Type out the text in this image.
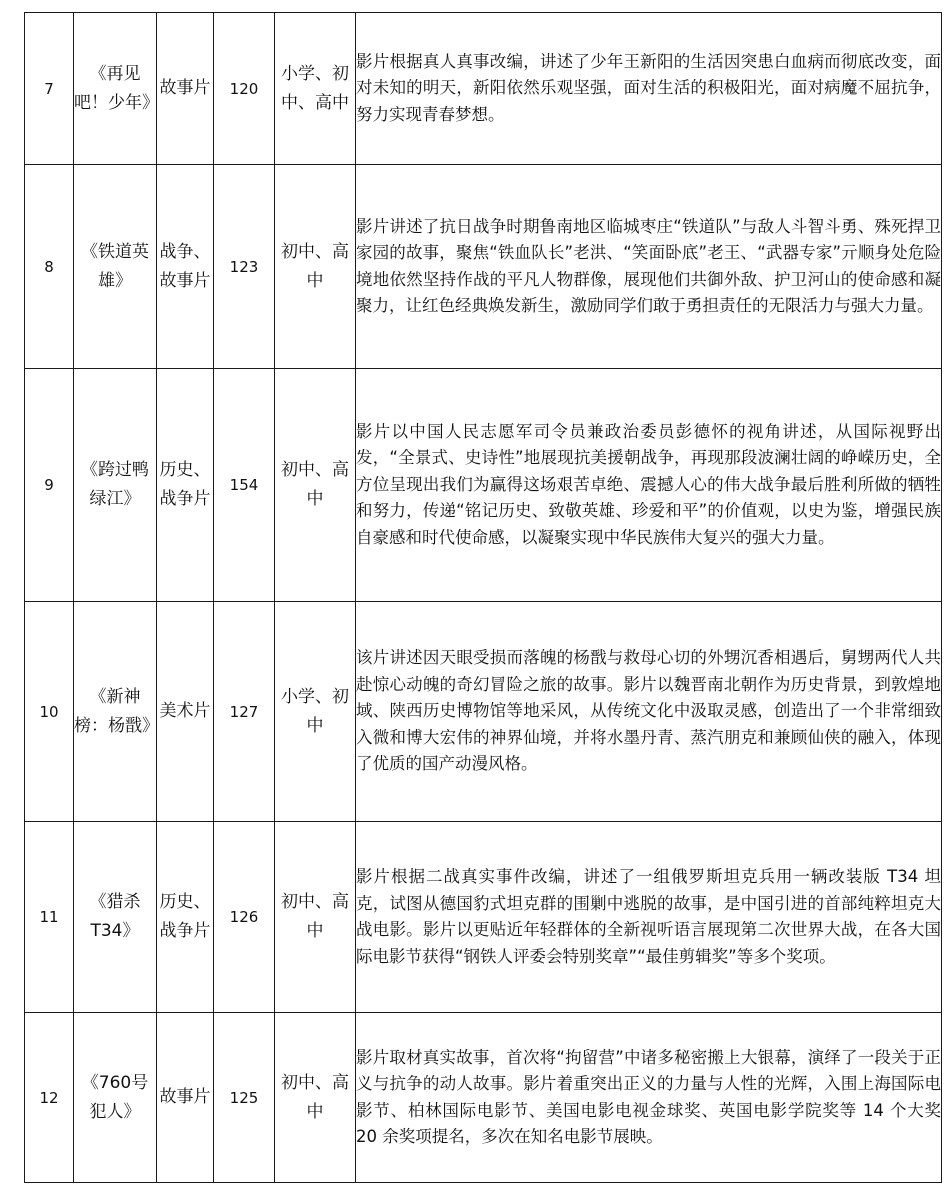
7	《再见吧！少年》	故事片	120	小学、初中、高中	影片根据真人真事改编，讲述了少年王新阳的生活因突患白血病而彻底改变，面对未知的明天，新阳依然乐观坚强，面对生活的积极阳光，面对病魔不屈抗争，努力实现青春梦想。
8	《铁道英雄》	战争、故事片	123	初中、高中	影片讲述了抗日战争时期鲁南地区临城枣庄“铁道队”与敌人斗智斗勇、殊死捍卫家园的故事，聚焦“铁血队长”老洪、“笑面卧底”老王、“武器专家”亓顺身处危险境地依然坚持作战的平凡人物群像，展现他们共御外敌、护卫河山的使命感和凝聚力，让红色经典焕发新生，激励同学们敢于勇担责任的无限活力与强大力量。
9	《跨过鸭绿江》	历史、战争片	154	初中、高中	影片以中国人民志愿军司令员兼政治委员彭德怀的视角讲述，从国际视野出发，“全景式、史诗性”地展现抗美援朝战争，再现那段波澜壮阔的峥嵘历史，全方位呈现出我们为赢得这场艰苦卓绝、震撼人心的伟大战争最后胜利所做的牺牲和努力，传递“铭记历史、致敬英雄、珍爱和平”的价值观，以史为鉴，增强民族自豪感和时代使命感，以凝聚实现中华民族伟大复兴的强大力量。
10	《新神榜：杨戬》	美术片	127	小学、初中	该片讲述因天眼受损而落魄的杨戬与救母心切的外甥沉香相遇后，舅甥两代人共赴惊心动魄的奇幻冒险之旅的故事。影片以魏晋南北朝作为历史背景，到敦煌地域、陕西历史博物馆等地采风，从传统文化中汲取灵感，创造出了一个非常细致入微和博大宏伟的神界仙境，并将水墨丹青、蒸汽朋克和兼顾仙侠的融入，体现了优质的国产动漫风格。
11	《猎杀T34》	历史、战争片	126	初中、高中	影片根据二战真实事件改编，讲述了一组俄罗斯坦克兵用一辆改装版 T34 坦克，试图从德国豹式坦克群的围剿中逃脱的故事，是中国引进的首部纯粹坦克大战电影。影片以更贴近年轻群体的全新视听语言展现第二次世界大战，在各大国际电影节获得“钢铁人评委会特别奖章”“最佳剪辑奖”等多个奖项。
12	《760号犯人》	故事片	125	初中、高中	影片取材真实故事，首次将“拘留营”中诸多秘密搬上大银幕，演绎了一段关于正义与抗争的动人故事。影片着重突出正义的力量与人性的光辉，入围上海国际电影节、柏林国际电影节、美国电影电视金球奖、英国电影学院奖等 14 个大奖 20 余奖项提名，多次在知名电影节展映。
